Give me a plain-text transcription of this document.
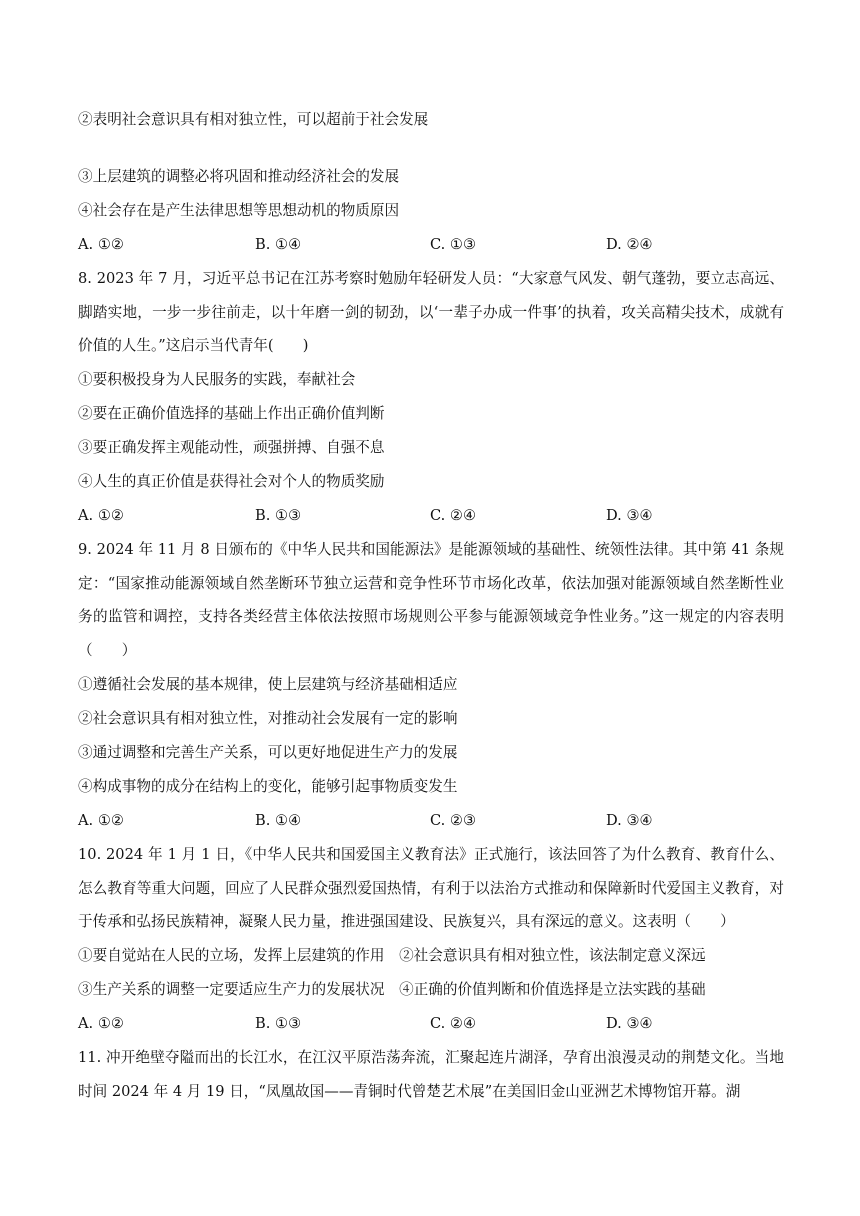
②表明社会意识具有相对独立性，可以超前于社会发展
③上层建筑的调整必将巩固和推动经济社会的发展
④社会存在是产生法律思想等思想动机的物质原因
A. ①②	B. ①④	C. ①③	D. ②④
8. 2023 年 7 月，习近平总书记在江苏考察时勉励年轻研发人员：“大家意气风发、朝气蓬勃，要立志高远、脚踏实地，一步一步往前走，以十年磨一剑的韧劲，以‘一辈子办成一件事’的执着，攻关高精尖技术，成就有价值的人生。”这启示当代青年(　　)
①要积极投身为人民服务的实践，奉献社会
②要在正确价值选择的基础上作出正确价值判断
③要正确发挥主观能动性，顽强拼搏、自强不息
④人生的真正价值是获得社会对个人的物质奖励
A. ①②	B. ①③	C. ②④	D. ③④
9. 2024 年 11 月 8 日颁布的《中华人民共和国能源法》是能源领域的基础性、统领性法律。其中第 41 条规定：“国家推动能源领域自然垄断环节独立运营和竞争性环节市场化改革，依法加强对能源领域自然垄断性业务的监管和调控，支持各类经营主体依法按照市场规则公平参与能源领域竞争性业务。”这一规定的内容表明（　　）
①遵循社会发展的基本规律，使上层建筑与经济基础相适应
②社会意识具有相对独立性，对推动社会发展有一定的影响
③通过调整和完善生产关系，可以更好地促进生产力的发展
④构成事物的成分在结构上的变化，能够引起事物质变发生
A. ①②	B. ①④	C. ②③	D. ③④
10. 2024 年 1 月 1 日，《中华人民共和国爱国主义教育法》正式施行，该法回答了为什么教育、教育什么、怎么教育等重大问题，回应了人民群众强烈爱国热情，有利于以法治方式推动和保障新时代爱国主义教育，对于传承和弘扬民族精神，凝聚人民力量，推进强国建设、民族复兴，具有深远的意义。这表明（　　）
①要自觉站在人民的立场，发挥上层建筑的作用　②社会意识具有相对独立性，该法制定意义深远
③生产关系的调整一定要适应生产力的发展状况　④正确的价值判断和价值选择是立法实践的基础
A. ①②	B. ①③	C. ②④	D. ③④
11. 冲开绝壁夺隘而出的长江水，在江汉平原浩荡奔流，汇聚起连片湖泽，孕育出浪漫灵动的荆楚文化。当地时间 2024 年 4 月 19 日，“凤凰故国——青铜时代曾楚艺术展”在美国旧金山亚洲艺术博物馆开幕。湖
